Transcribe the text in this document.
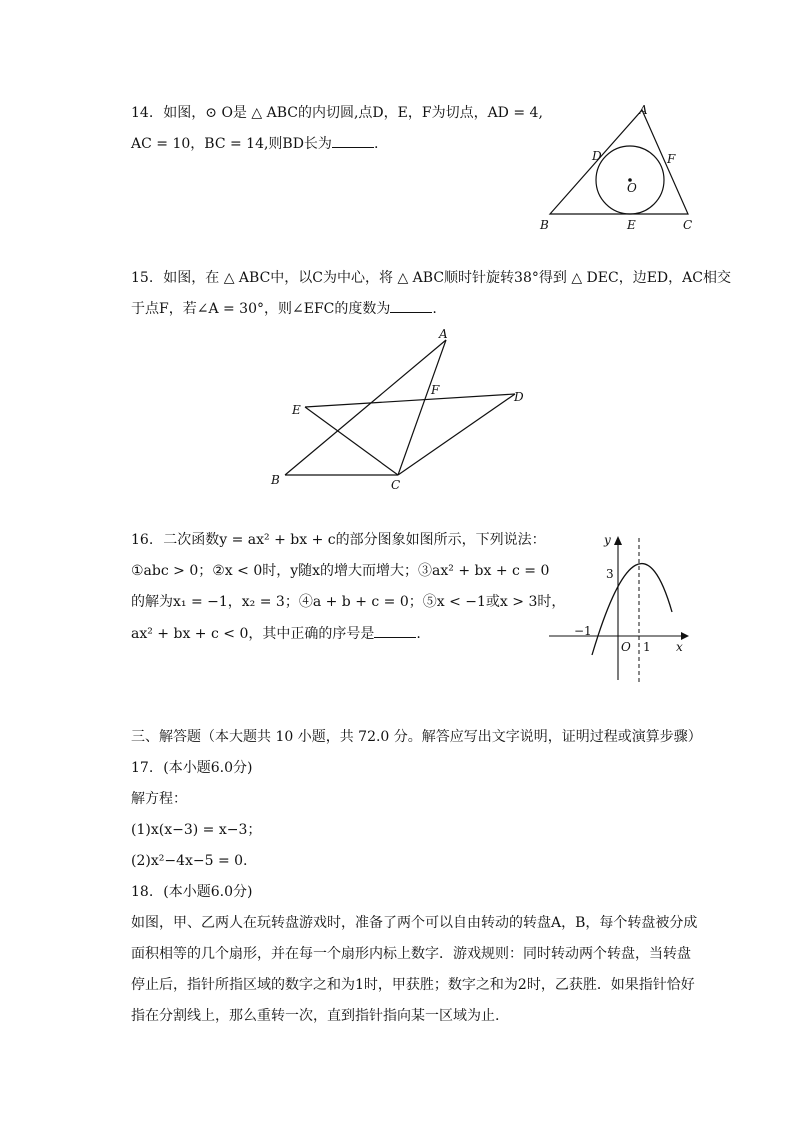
14. 如图，⊙ O是 △ ABC的内切圆,点D，E，F为切点，AD = 4,
AC = 10，BC = 14,则BD长为	.
A
B	C
D
E
F
O
15. 如图，在 △ ABC中，以C为中心，将 △ ABC顺时针旋转38°得到 △ DEC，边ED，AC相交
于点F，若∠A = 30°，则∠EFC的度数为	.
A
B	C
D
E
F
16. 二次函数y = ax² + bx + c的部分图象如图所示，下列说法：
①abc > 0；②x < 0时，y随x的增大而增大；③ax² + bx + c = 0
的解为x₁ = −1，x₂ = 3；④a + b + c = 0；⑤x < −1或x > 3时，
ax² + bx + c < 0，其中正确的序号是	.
y
x
O
−1
1
3
三、解答题（本大题共 10 小题，共 72.0 分。解答应写出文字说明，证明过程或演算步骤）
17. (本小题6.0分)
解方程：
(1)x(x−3) = x−3；
(2)x²−4x−5 = 0.
18. (本小题6.0分)
如图，甲、乙两人在玩转盘游戏时，准备了两个可以自由转动的转盘A，B，每个转盘被分成
面积相等的几个扇形，并在每一个扇形内标上数字．游戏规则：同时转动两个转盘，当转盘
停止后，指针所指区域的数字之和为1时，甲获胜；数字之和为2时，乙获胜．如果指针恰好
指在分割线上，那么重转一次，直到指针指向某一区域为止.
